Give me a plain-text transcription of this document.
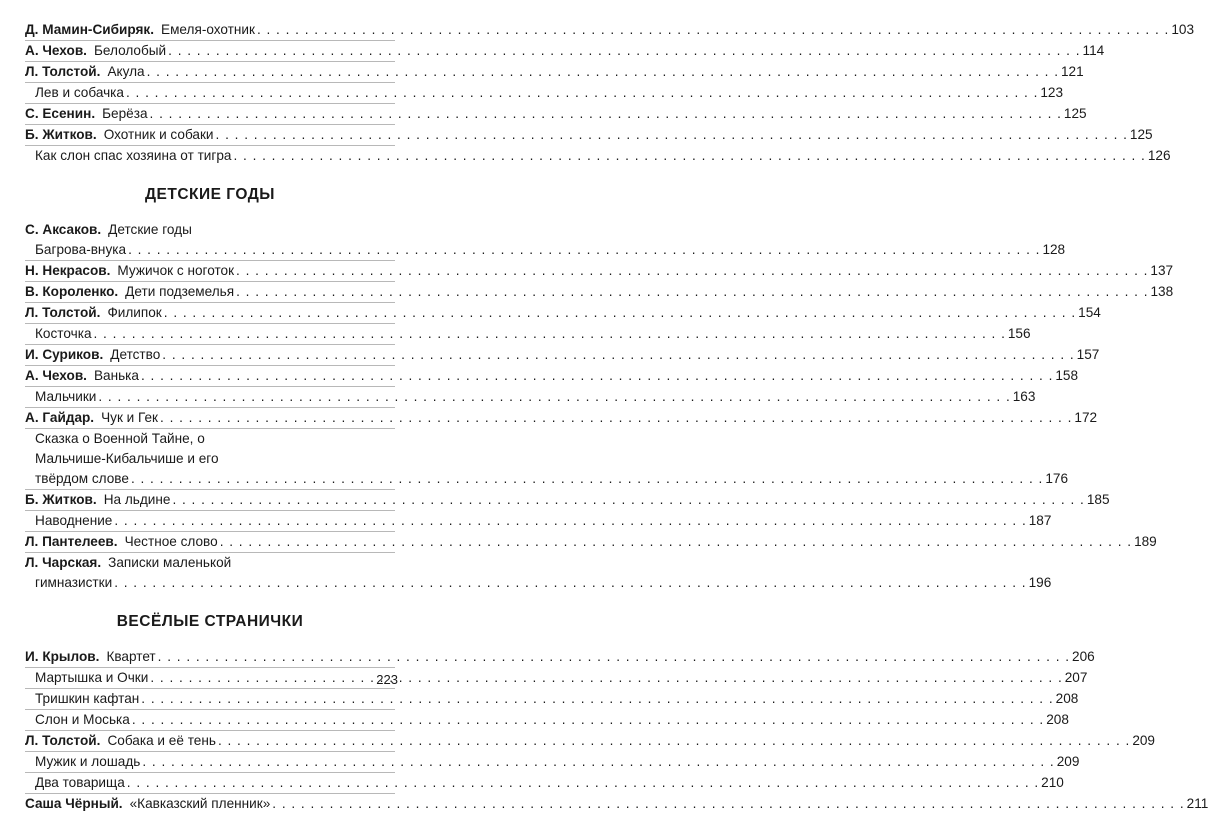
Д. Мамин-Сибиряк. Емеля-охотник . . .	103
А. Чехов. Белолобый . . .	114
Л. Толстой. Акула . . .	121
Лев и собачка . . .	123
С. Есенин. Берёза . . .	125
Б. Житков. Охотник и собаки . . .	125
Как слон спас хозяина от тигра . . .	126
ДЕТСКИЕ ГОДЫ
С. Аксаков. Детские годы
Багрова-внука . . .	128
Н. Некрасов. Мужичок с ноготок . . .	137
В. Короленко. Дети подземелья . . .	138
Л. Толстой. Филипок . . .	154
Косточка . . .	156
И. Суриков. Детство . . .	157
А. Чехов. Ванька . . .	158
Мальчики . . .	163
А. Гайдар. Чук и Гек . . .	172
Сказка о Военной Тайне, о
Мальчише-Кибальчише и его
твёрдом слове . . .	176
Б. Житков. На льдине . . .	185
Наводнение . . .	187
Л. Пантелеев. Честное слово . . .	189
Л. Чарская. Записки маленькой
гимназистки . . .	196
ВЕСЁЛЫЕ СТРАНИЧКИ
И. Крылов. Квартет . . .	206
Мартышка и Очки . . .	207
Тришкин кафтан . . .	208
Слон и Моська . . .	208
Л. Толстой. Собака и её тень . . .	209
Мужик и лошадь . . .	209
Два товарища . . .	210
Саша Чёрный. «Кавказский пленник» . . .	211
223
